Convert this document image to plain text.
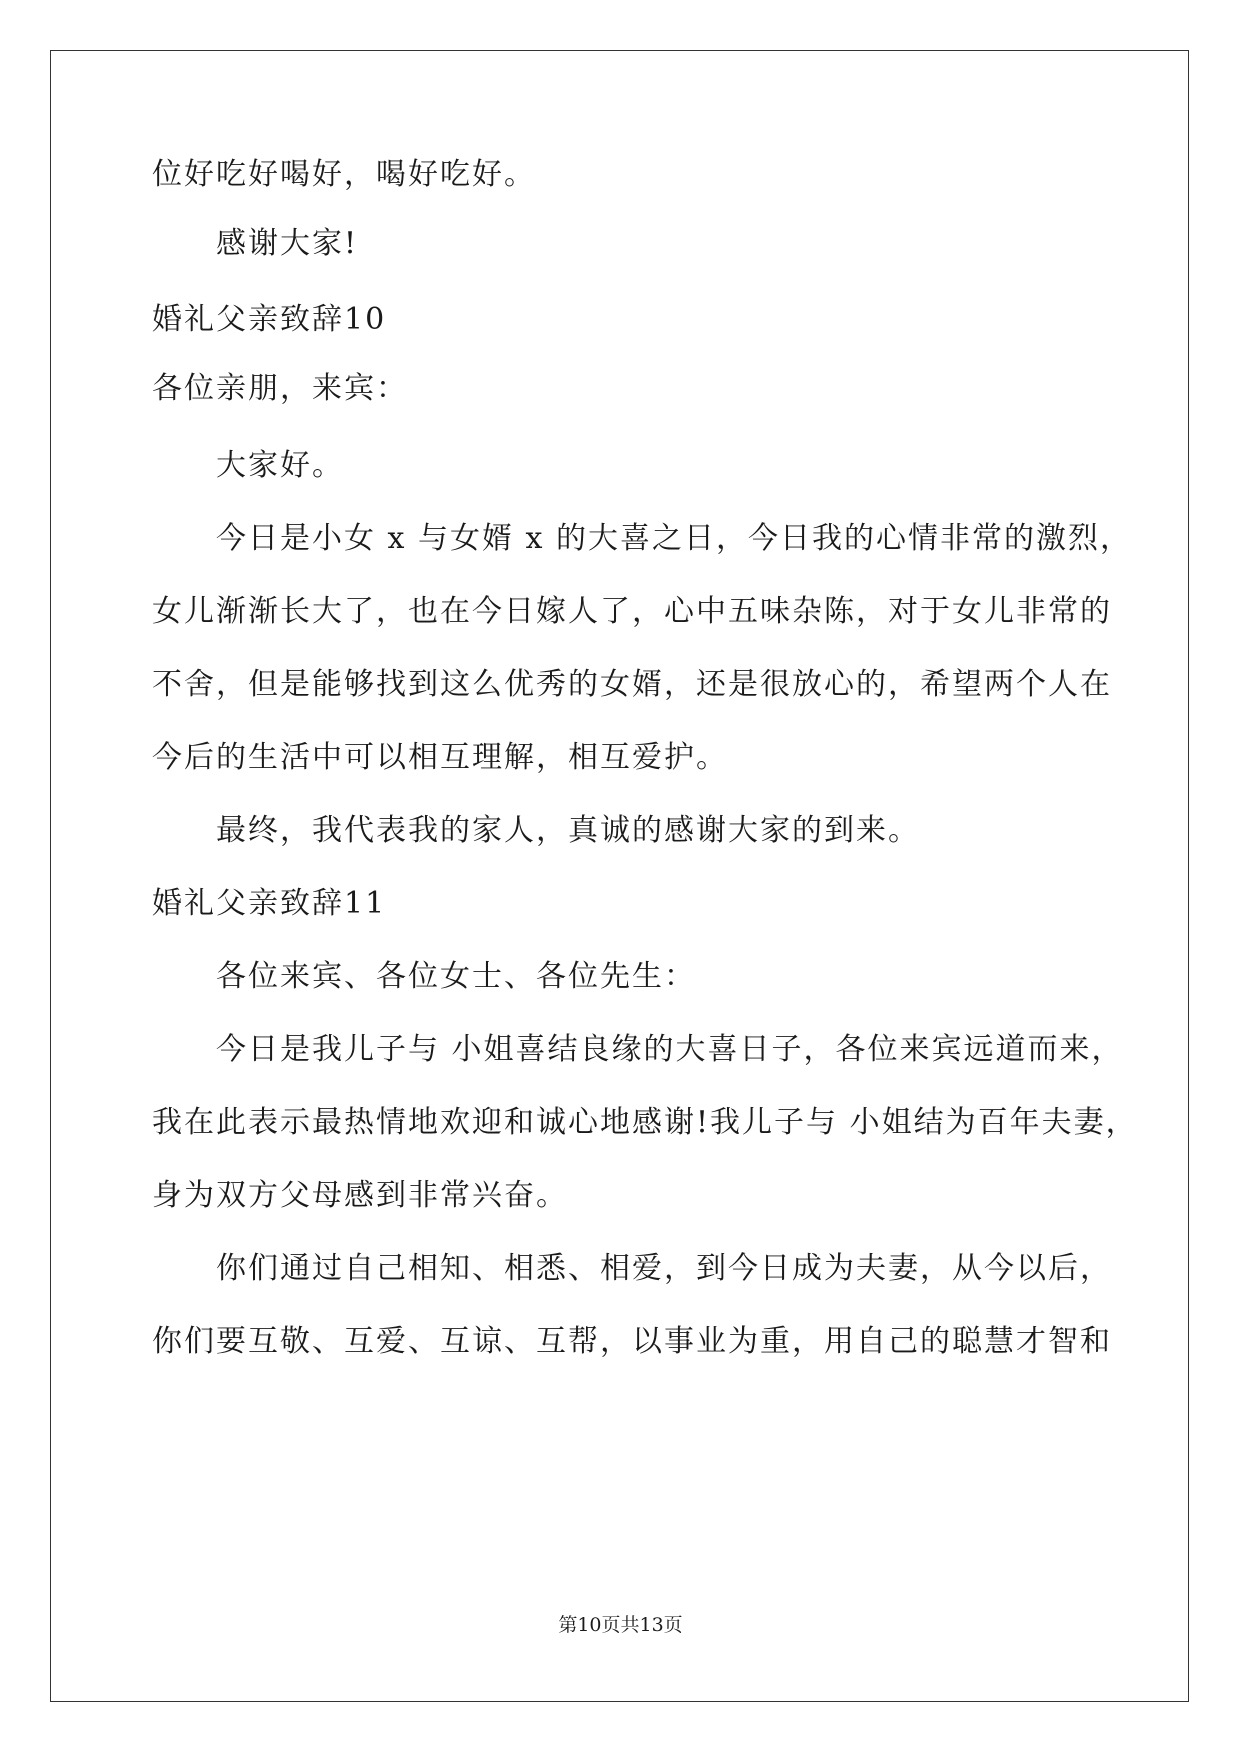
位好吃好喝好，喝好吃好。
感谢大家!
婚礼父亲致辞10
各位亲朋，来宾：
大家好。
今日是小女 x 与女婿 x 的大喜之日，今日我的心情非常的激烈，
女儿渐渐长大了，也在今日嫁人了，心中五味杂陈，对于女儿非常的
不舍，但是能够找到这么优秀的女婿，还是很放心的，希望两个人在
今后的生活中可以相互理解，相互爱护。
最终，我代表我的家人，真诚的感谢大家的到来。
婚礼父亲致辞11
各位来宾、各位女士、各位先生：
今日是我儿子与 小姐喜结良缘的大喜日子，各位来宾远道而来，
我在此表示最热情地欢迎和诚心地感谢!我儿子与 小姐结为百年夫妻，
身为双方父母感到非常兴奋。
你们通过自己相知、相悉、相爱，到今日成为夫妻，从今以后，
你们要互敬、互爱、互谅、互帮，以事业为重，用自己的聪慧才智和
第10页共13页
